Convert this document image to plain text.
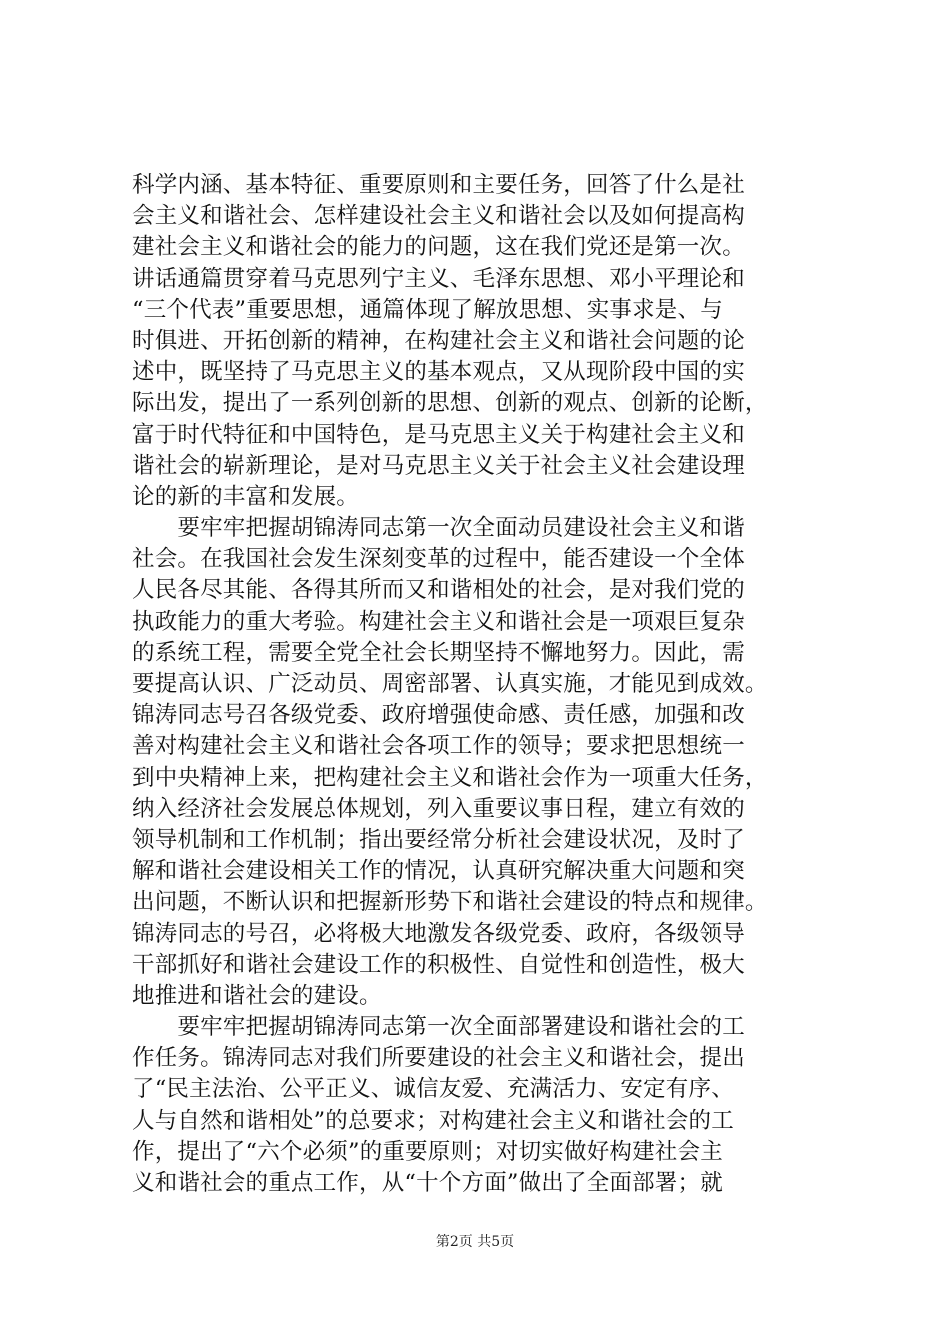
科学内涵、基本特征、重要原则和主要任务，回答了什么是社
会主义和谐社会、怎样建设社会主义和谐社会以及如何提高构
建社会主义和谐社会的能力的问题，这在我们党还是第一次。
讲话通篇贯穿着马克思列宁主义、毛泽东思想、邓小平理论和
“三个代表”重要思想，通篇体现了解放思想、实事求是、与
时俱进、开拓创新的精神，在构建社会主义和谐社会问题的论
述中，既坚持了马克思主义的基本观点，又从现阶段中国的实
际出发，提出了一系列创新的思想、创新的观点、创新的论断，
富于时代特征和中国特色，是马克思主义关于构建社会主义和
谐社会的崭新理论，是对马克思主义关于社会主义社会建设理
论的新的丰富和发展。
　　要牢牢把握胡锦涛同志第一次全面动员建设社会主义和谐
社会。在我国社会发生深刻变革的过程中，能否建设一个全体
人民各尽其能、各得其所而又和谐相处的社会，是对我们党的
执政能力的重大考验。构建社会主义和谐社会是一项艰巨复杂
的系统工程，需要全党全社会长期坚持不懈地努力。因此，需
要提高认识、广泛动员、周密部署、认真实施，才能见到成效。
锦涛同志号召各级党委、政府增强使命感、责任感，加强和改
善对构建社会主义和谐社会各项工作的领导；要求把思想统一
到中央精神上来，把构建社会主义和谐社会作为一项重大任务，
纳入经济社会发展总体规划，列入重要议事日程，建立有效的
领导机制和工作机制；指出要经常分析社会建设状况，及时了
解和谐社会建设相关工作的情况，认真研究解决重大问题和突
出问题，不断认识和把握新形势下和谐社会建设的特点和规律。
锦涛同志的号召，必将极大地激发各级党委、政府，各级领导
干部抓好和谐社会建设工作的积极性、自觉性和创造性，极大
地推进和谐社会的建设。
　　要牢牢把握胡锦涛同志第一次全面部署建设和谐社会的工
作任务。锦涛同志对我们所要建设的社会主义和谐社会，提出
了“民主法治、公平正义、诚信友爱、充满活力、安定有序、
人与自然和谐相处”的总要求；对构建社会主义和谐社会的工
作，提出了“六个必须”的重要原则；对切实做好构建社会主
义和谐社会的重点工作，从“十个方面”做出了全面部署；就
第2页 共5页
